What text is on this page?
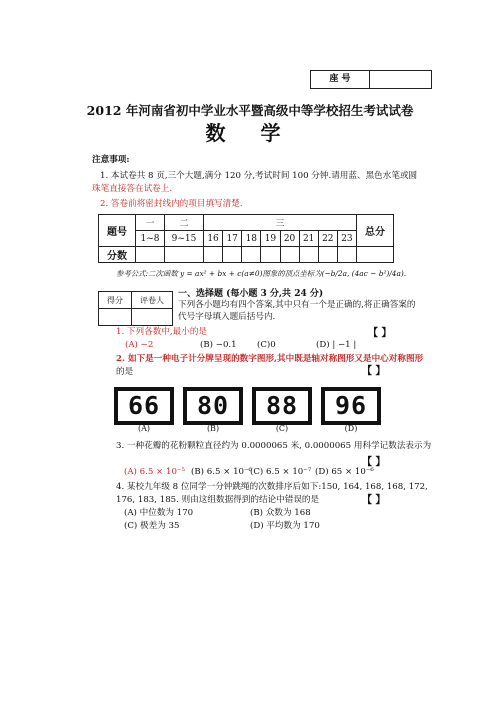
座 号
2012 年河南省初中学业水平暨高级中等学校招生考试试卷
数 学
注意事项:
1. 本试卷共 8 页,三个大题,满分 120 分,考试时间 100 分钟.请用蓝、黑色水笔或圆
珠笔直接答在试卷上.
2. 答卷前将密封线内的项目填写清楚.
题号	一	二	三								总分
	1~8	9~15	16	17	18	19	20	21	22	23	
分数											
参考公式:二次函数 y = ax² + bx + c(a≠0)图象的顶点坐标为(−b/2a, (4ac − b²)/4a).
得分	评卷人

一、选择题 (每小题 3 分,共 24 分)
下列各小题均有四个答案,其中只有一个是正确的,将正确答案的
代号字母填入题后括号内.
1. 下列各数中,最小的是	【 】
(A) −2	(B) −0.1 (C)0	(D) | −1 |
2. 如下是一种电子计分牌呈现的数字图形,其中既是轴对称图形又是中心对称图形
的是	【 】
66	80	88	96
(A)	(B)	(C)	(D)
3. 一种花瓣的花粉颗粒直径约为 0.0000065 米, 0.0000065 用科学记数法表示为
【 】
(A) 6.5 × 10⁻⁵ (B) 6.5 × 10⁻⁶
(C) 6.5 × 10⁻⁷ (D) 65 × 10⁻⁶
4. 某校九年级 8 位同学一分钟跳绳的次数排序后如下:150, 164, 168, 168, 172,
176, 183, 185. 则由这组数据得到的结论中错误的是	【 】
(A) 中位数为 170	(B) 众数为 168
(C) 极差为 35	(D) 平均数为 170
